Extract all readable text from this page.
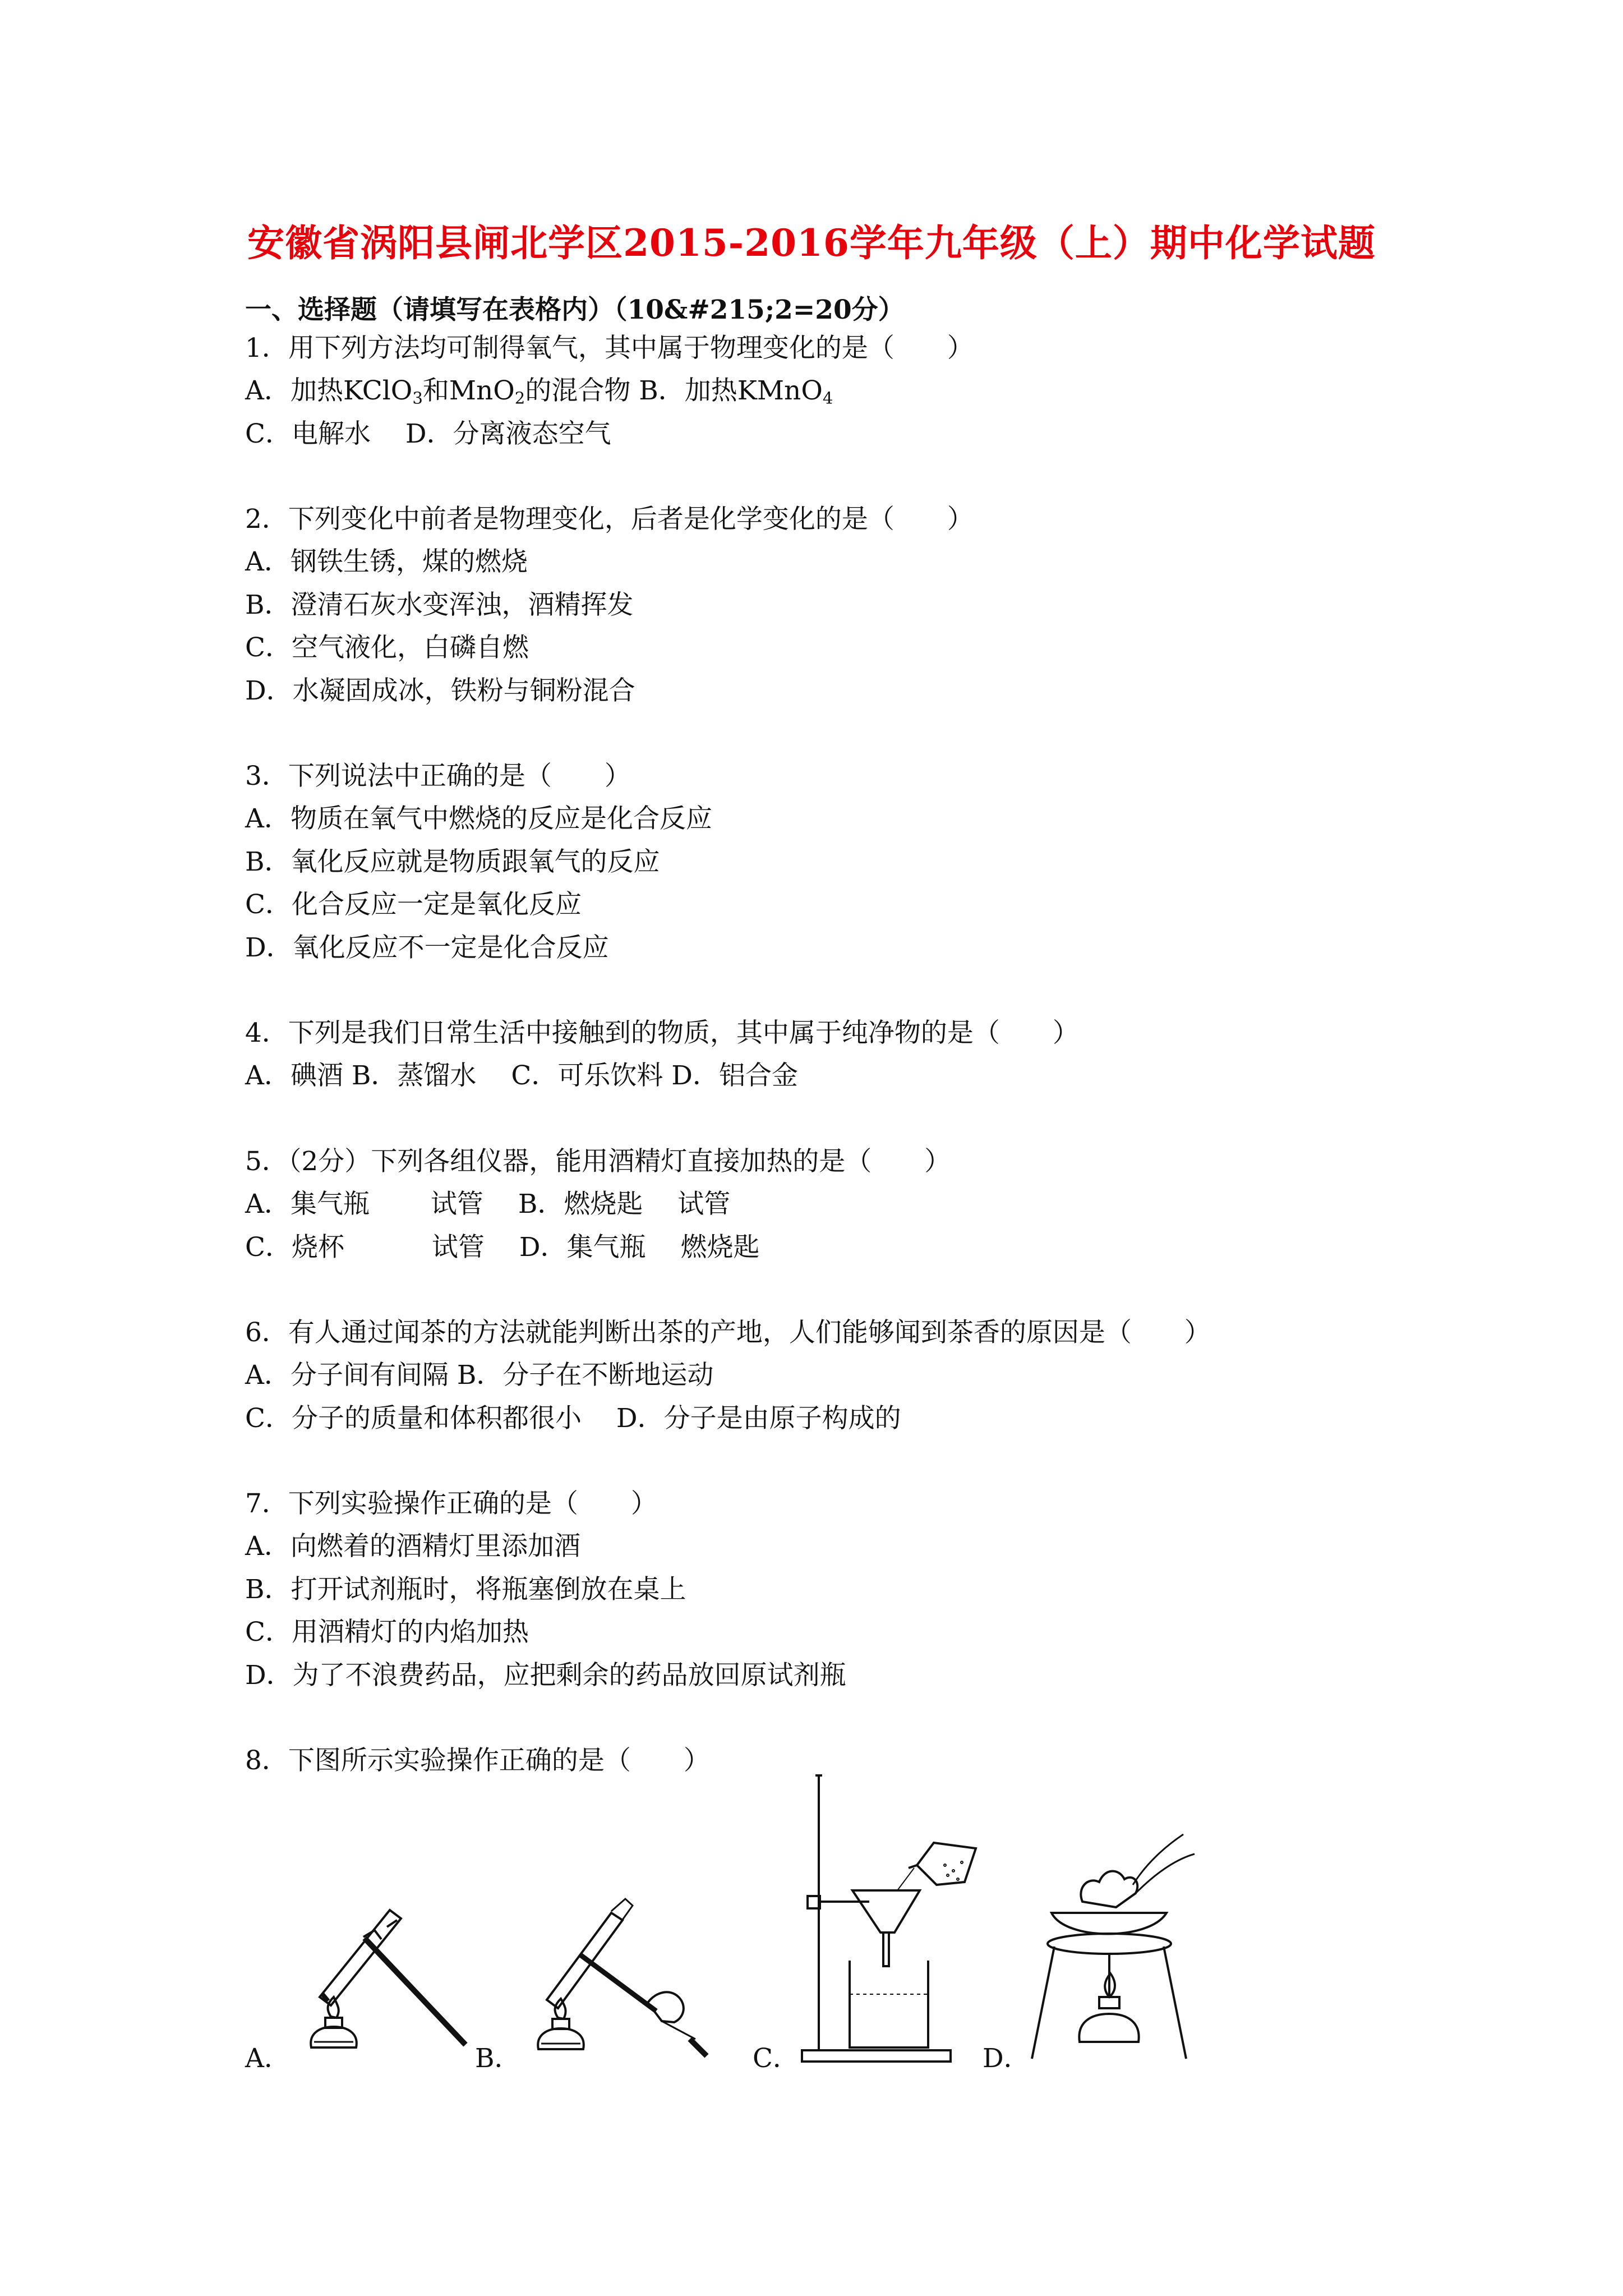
安徽省涡阳县闸北学区2015-2016学年九年级（上）期中化学试题
一、选择题（请填写在表格内）（10&#215;2=20分）
1．用下列方法均可制得氧气，其中属于物理变化的是（　　）
A．加热KClO$_3$和MnO$_2$的混合物 B．加热KMnO$_4$
C．电解水　 D．分离液态空气
2．下列变化中前者是物理变化，后者是化学变化的是（　　）
A．钢铁生锈，煤的燃烧
B．澄清石灰水变浑浊，酒精挥发
C．空气液化，白磷自燃
D．水凝固成冰，铁粉与铜粉混合
3．下列说法中正确的是（　　）
A．物质在氧气中燃烧的反应是化合反应
B．氧化反应就是物质跟氧气的反应
C．化合反应一定是氧化反应
D．氧化反应不一定是化合反应
4．下列是我们日常生活中接触到的物质，其中属于纯净物的是（　　）
A．碘酒 B．蒸馏水　 C．可乐饮料 D．铝合金
5．（2分）下列各组仪器，能用酒精灯直接加热的是（　　）
A．集气瓶　　 试管　 B．燃烧匙　 试管
C．烧杯　　　 试管　 D．集气瓶　 燃烧匙
6．有人通过闻茶的方法就能判断出茶的产地，人们能够闻到茶香的原因是（　　）
A．分子间有间隔 B．分子在不断地运动
C．分子的质量和体积都很小　 D．分子是由原子构成的
7．下列实验操作正确的是（　　）
A．向燃着的酒精灯里添加酒
B．打开试剂瓶时，将瓶塞倒放在桌上
C．用酒精灯的内焰加热
D．为了不浪费药品，应把剩余的药品放回原试剂瓶
8．下图所示实验操作正确的是（　　）
A．	B．	C．	D．
